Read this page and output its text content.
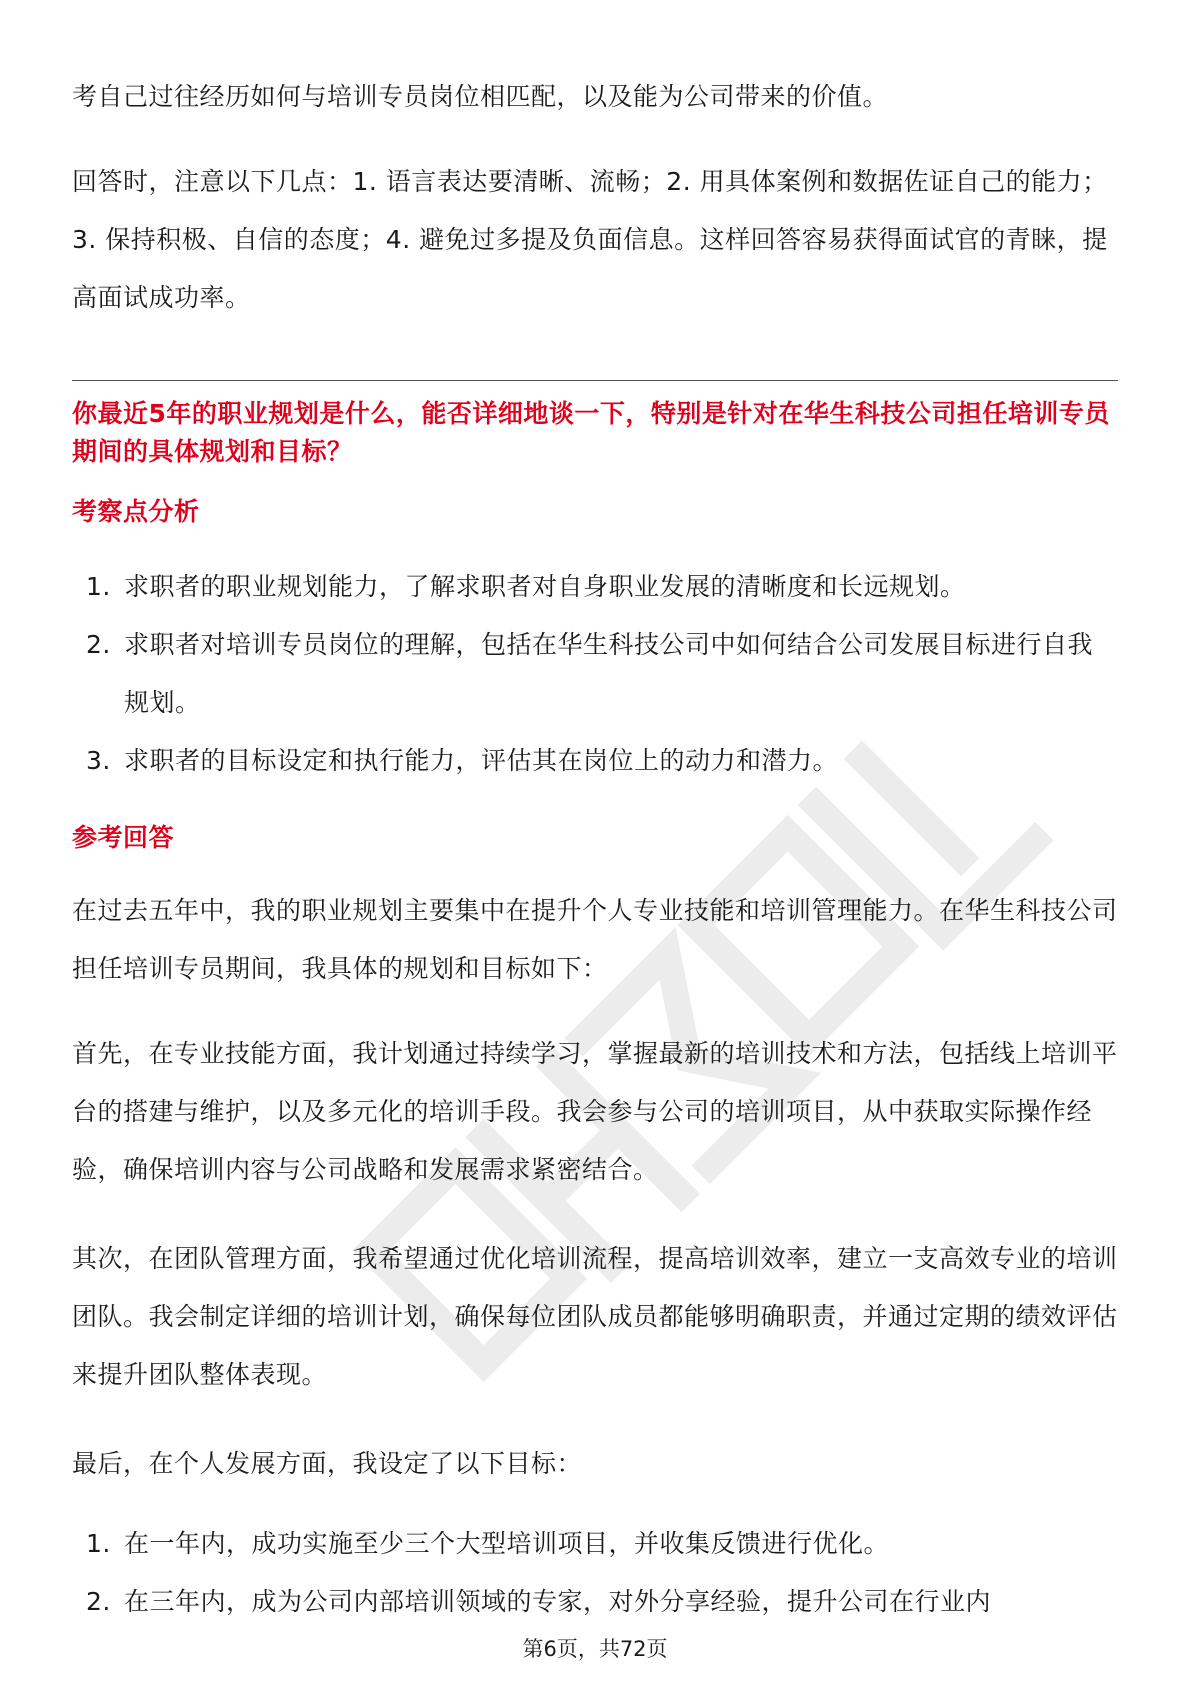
考自己过往经历如何与培训专员岗位相匹配，以及能为公司带来的价值。

回答时，注意以下几点：1. 语言表达要清晰、流畅；2. 用具体案例和数据佐证自己的能力；3. 保持积极、自信的态度；4. 避免过多提及负面信息。这样回答容易获得面试官的青睐，提高面试成功率。

你最近5年的职业规划是什么，能否详细地谈一下，特别是针对在华生科技公司担任培训专员期间的具体规划和目标？

考察点分析
1. 求职者的职业规划能力，了解求职者对自身职业发展的清晰度和长远规划。
2. 求职者对培训专员岗位的理解，包括在华生科技公司中如何结合公司发展目标进行自我规划。
3. 求职者的目标设定和执行能力，评估其在岗位上的动力和潜力。
参考回答

在过去五年中，我的职业规划主要集中在提升个人专业技能和培训管理能力。在华生科技公司担任培训专员期间，我具体的规划和目标如下：

首先，在专业技能方面，我计划通过持续学习，掌握最新的培训技术和方法，包括线上培训平台的搭建与维护，以及多元化的培训手段。我会参与公司的培训项目，从中获取实际操作经验，确保培训内容与公司战略和发展需求紧密结合。

其次，在团队管理方面，我希望通过优化培训流程，提高培训效率，建立一支高效专业的培训团队。我会制定详细的培训计划，确保每位团队成员都能够明确职责，并通过定期的绩效评估来提升团队整体表现。

最后，在个人发展方面，我设定了以下目标：

1. 在一年内，成功实施至少三个大型培训项目，并收集反馈进行优化。
2. 在三年内，成为公司内部培训领域的专家，对外分享经验，提升公司在行业内
第6页，共72页
